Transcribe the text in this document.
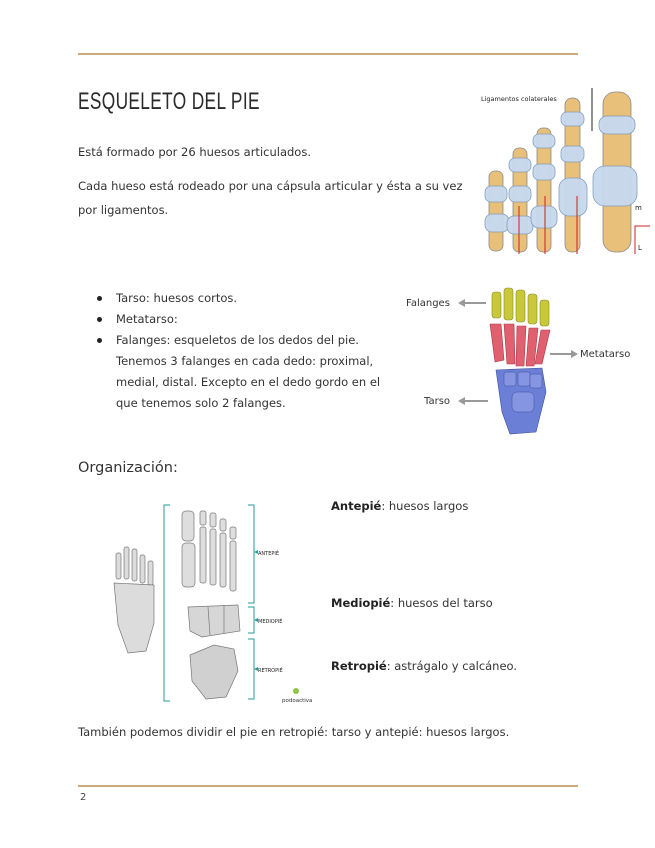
ESQUELETO DEL PIE

Está formado por 26 huesos articulados.

Cada hueso está rodeado por una cápsula articular y ésta a su vez por ligamentos.

Ligamentos colaterales
m
L
Tarso: huesos cortos.
Metatarso:
Falanges: esqueletos de los dedos del pie. Tenemos 3 falanges en cada dedo: proximal, medial, distal. Excepto en el dedo gordo en el que tenemos solo 2 falanges.
Falanges
Metatarso
Tarso
Organización:
ANTEPIÉ
MEDIOPIÉ
RETROPIÉ
podoactiva

Antepié: huesos largos

Mediopié: huesos del tarso

Retropié: astrágalo y calcáneo.

También podemos dividir el pie en retropié: tarso y antepié: huesos largos.

2
